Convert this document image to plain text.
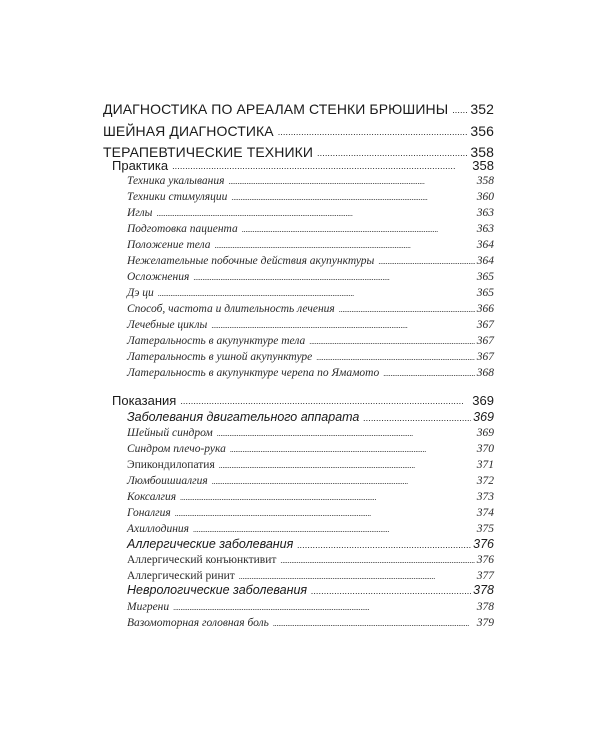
ДИАГНОСТИКА ПО АРЕАЛАМ СТЕНКИ БРЮШИНЫ . . . 352
ШЕЙНАЯ ДИАГНОСТИКА . . .	356
ТЕРАПЕВТИЧЕСКИЕ ТЕХНИКИ . . .	358
Практика . . .	358
Техника укалывания . . .	358
Техники стимуляции . . .	360
Иглы . . .	363
Подготовка пациента . . .	363
Положение тела . . .	364
Нежелательные побочные действия акупунктуры . . .	364
Осложнения . . .	365
Дэ ци . . .	365
Способ, частота и длительность лечения . . .	366
Лечебные циклы . . .	367
Латеральность в акупунктуре тела . . .	367
Латеральность в ушной акупунктуре . . .	367
Латеральность в акупунктуре черепа по Ямамото . . .	368
Показания . . .	369
Заболевания двигательного аппарата . . .	369
Шейный синдром . . .	369
Синдром плечо-рука . . .	370
Эпикондилопатия . . .	371
Люмбоишиалгия . . .	372
Коксалгия . . .	373
Гоналгия . . .	374
Ахиллодиния . . .	375
Аллергические заболевания . . .	376
Аллергический конъюнктивит . . .	376
Аллергический ринит . . .	377
Неврологические заболевания . . .	378
Мигрени . . .	378
Вазомоторная головная боль . . .	379
